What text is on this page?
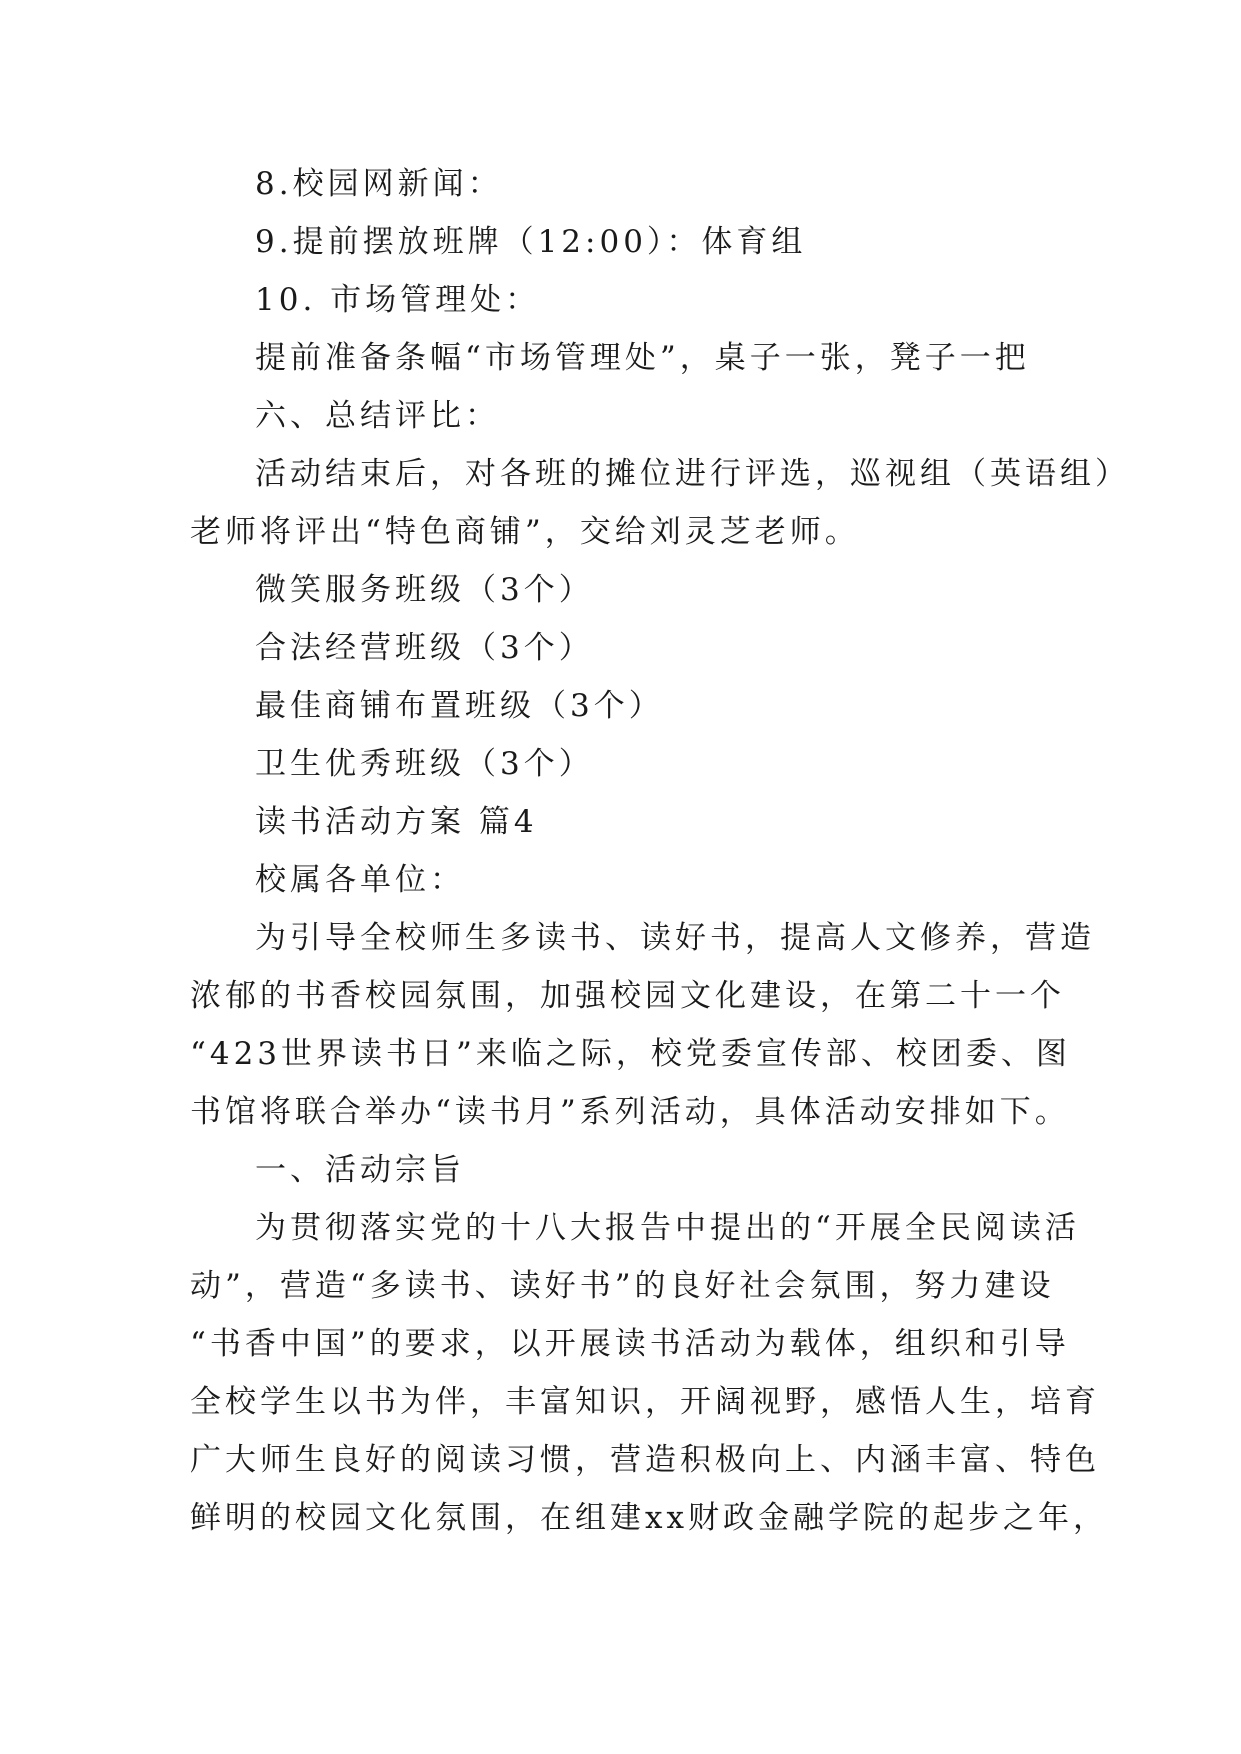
8.校园网新闻：
9.提前摆放班牌（12:00）：体育组
10. 市场管理处：
提前准备条幅“市场管理处”，桌子一张，凳子一把
六、总结评比：
活动结束后，对各班的摊位进行评选，巡视组（英语组）
老师将评出“特色商铺”，交给刘灵芝老师。
微笑服务班级（3个）
合法经营班级（3个）
最佳商铺布置班级（3个）
卫生优秀班级（3个）
读书活动方案 篇4
校属各单位：
为引导全校师生多读书、读好书，提高人文修养，营造
浓郁的书香校园氛围，加强校园文化建设，在第二十一个
“423世界读书日”来临之际，校党委宣传部、校团委、图
书馆将联合举办“读书月”系列活动，具体活动安排如下。
一、活动宗旨
为贯彻落实党的十八大报告中提出的“开展全民阅读活
动”，营造“多读书、读好书”的良好社会氛围，努力建设
“书香中国”的要求，以开展读书活动为载体，组织和引导
全校学生以书为伴，丰富知识，开阔视野，感悟人生，培育
广大师生良好的阅读习惯，营造积极向上、内涵丰富、特色
鲜明的校园文化氛围，在组建xx财政金融学院的起步之年，
